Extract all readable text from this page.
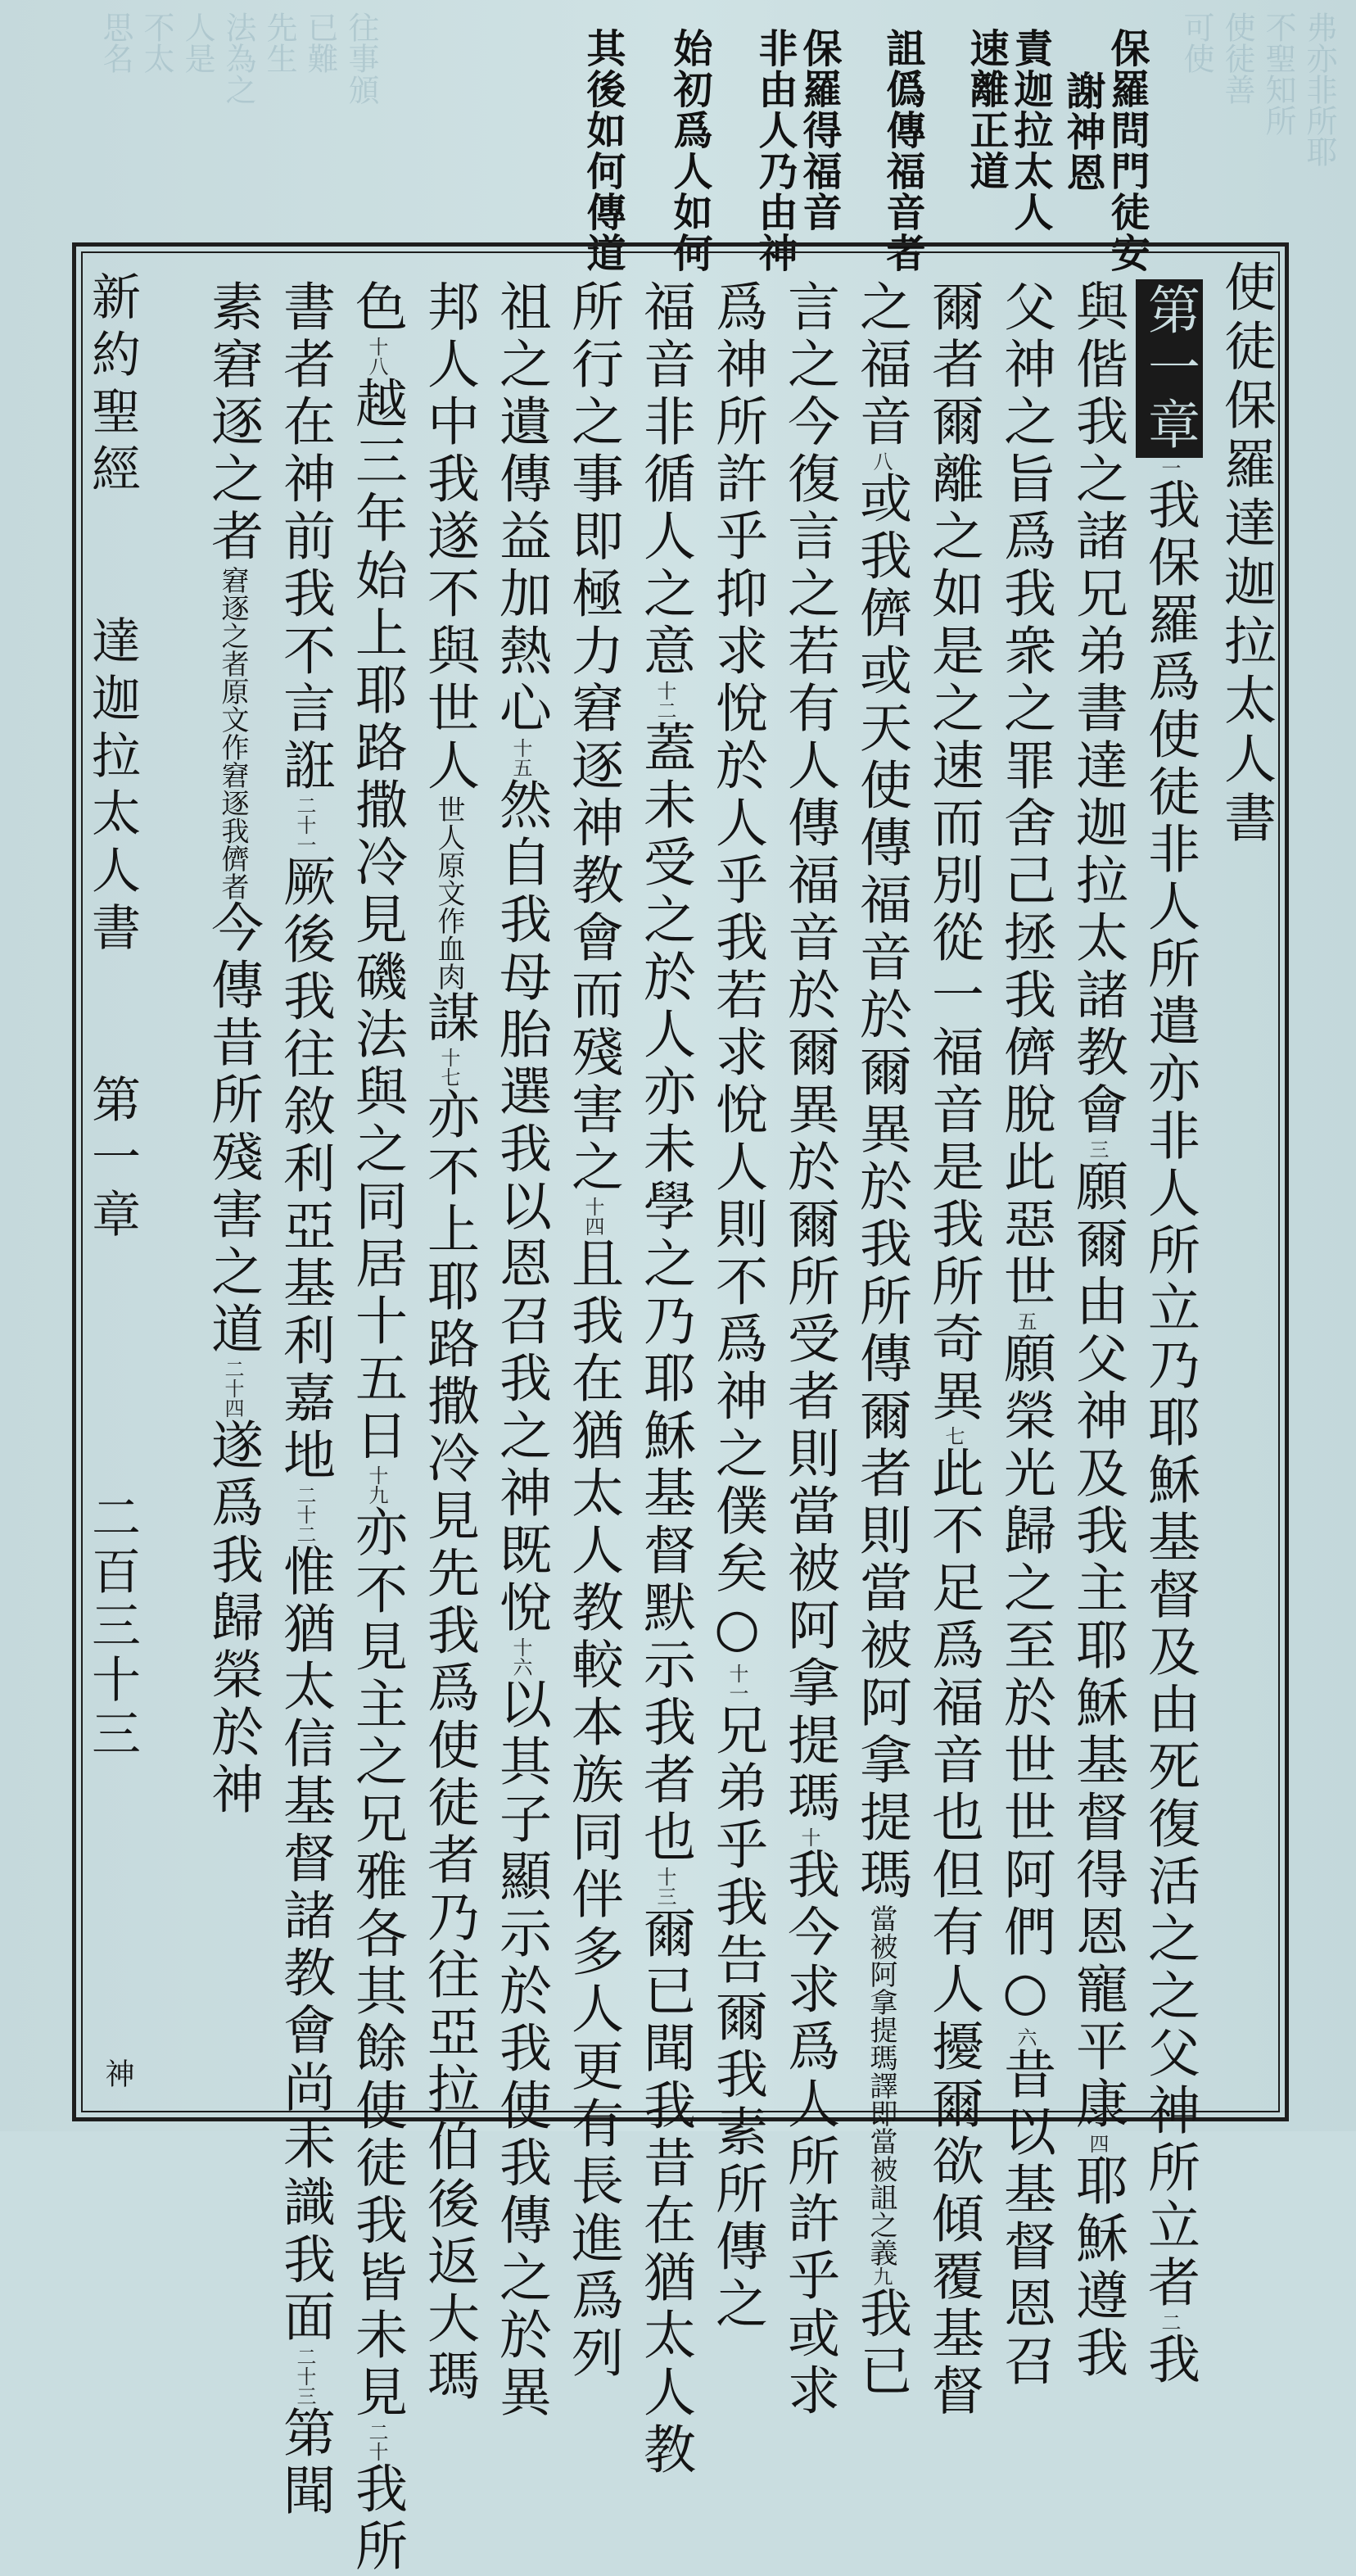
弗亦非所耶
不聖知所
使徒善
可使
往事頒
已難
先生
法為之
人是
不太
思名	保羅問門徒安
謝神恩
責迦拉太人
速離正道
詛僞傳福音者
保羅得福音
非由人乃由神
始初爲人如何
其後如何傳道
使徒保羅達迦拉太人書
第一章一我保羅爲使徒非人所遣亦非人所立乃耶穌基督及由死復活之之父神所立者二我
與偕我之諸兄弟書達迦拉太諸教會三願爾由父神及我主耶穌基督得恩寵平康四耶穌遵我
父神之旨爲我衆之罪舍己拯我儕脫此惡世五願榮光歸之至於世世阿們○六昔以基督恩召
爾者爾離之如是之速而別從一福音是我所奇異七此不足爲福音也但有人擾爾欲傾覆基督
之福音八或我儕或天使傳福音於爾異於我所傳爾者則當被阿拿提瑪當被阿拿提瑪譯即當被詛之義九我已
言之今復言之若有人傳福音於爾異於爾所受者則當被阿拿提瑪十我今求爲人所許乎或求
爲神所許乎抑求悅於人乎我若求悅人則不爲神之僕矣○十一兄弟乎我告爾我素所傳之
福音非循人之意十二蓋未受之於人亦未學之乃耶穌基督默示我者也十三爾已聞我昔在猶太人教
所行之事即極力窘逐神教會而殘害之十四且我在猶太人教較本族同伴多人更有長進爲列
祖之遺傳益加熱心十五然自我母胎選我以恩召我之神既悅十六以其子顯示於我使我傳之於異
邦人中我遂不與世人世人原文作血肉謀十七亦不上耶路撒冷見先我爲使徒者乃往亞拉伯後返大瑪
色十八越三年始上耶路撒冷見磯法與之同居十五日十九亦不見主之兄雅各其餘使徒我皆未見二十我所
書者在神前我不言誑二十一厥後我往敘利亞基利嘉地二十二惟猶太信基督諸教會尚未識我面二十三第聞
素窘逐之者窘逐之者原文作窘逐我儕者今傳昔所殘害之道二十四遂爲我歸榮於神
新約聖經　　達迦拉太人書　　第一章
二百三十三
神
